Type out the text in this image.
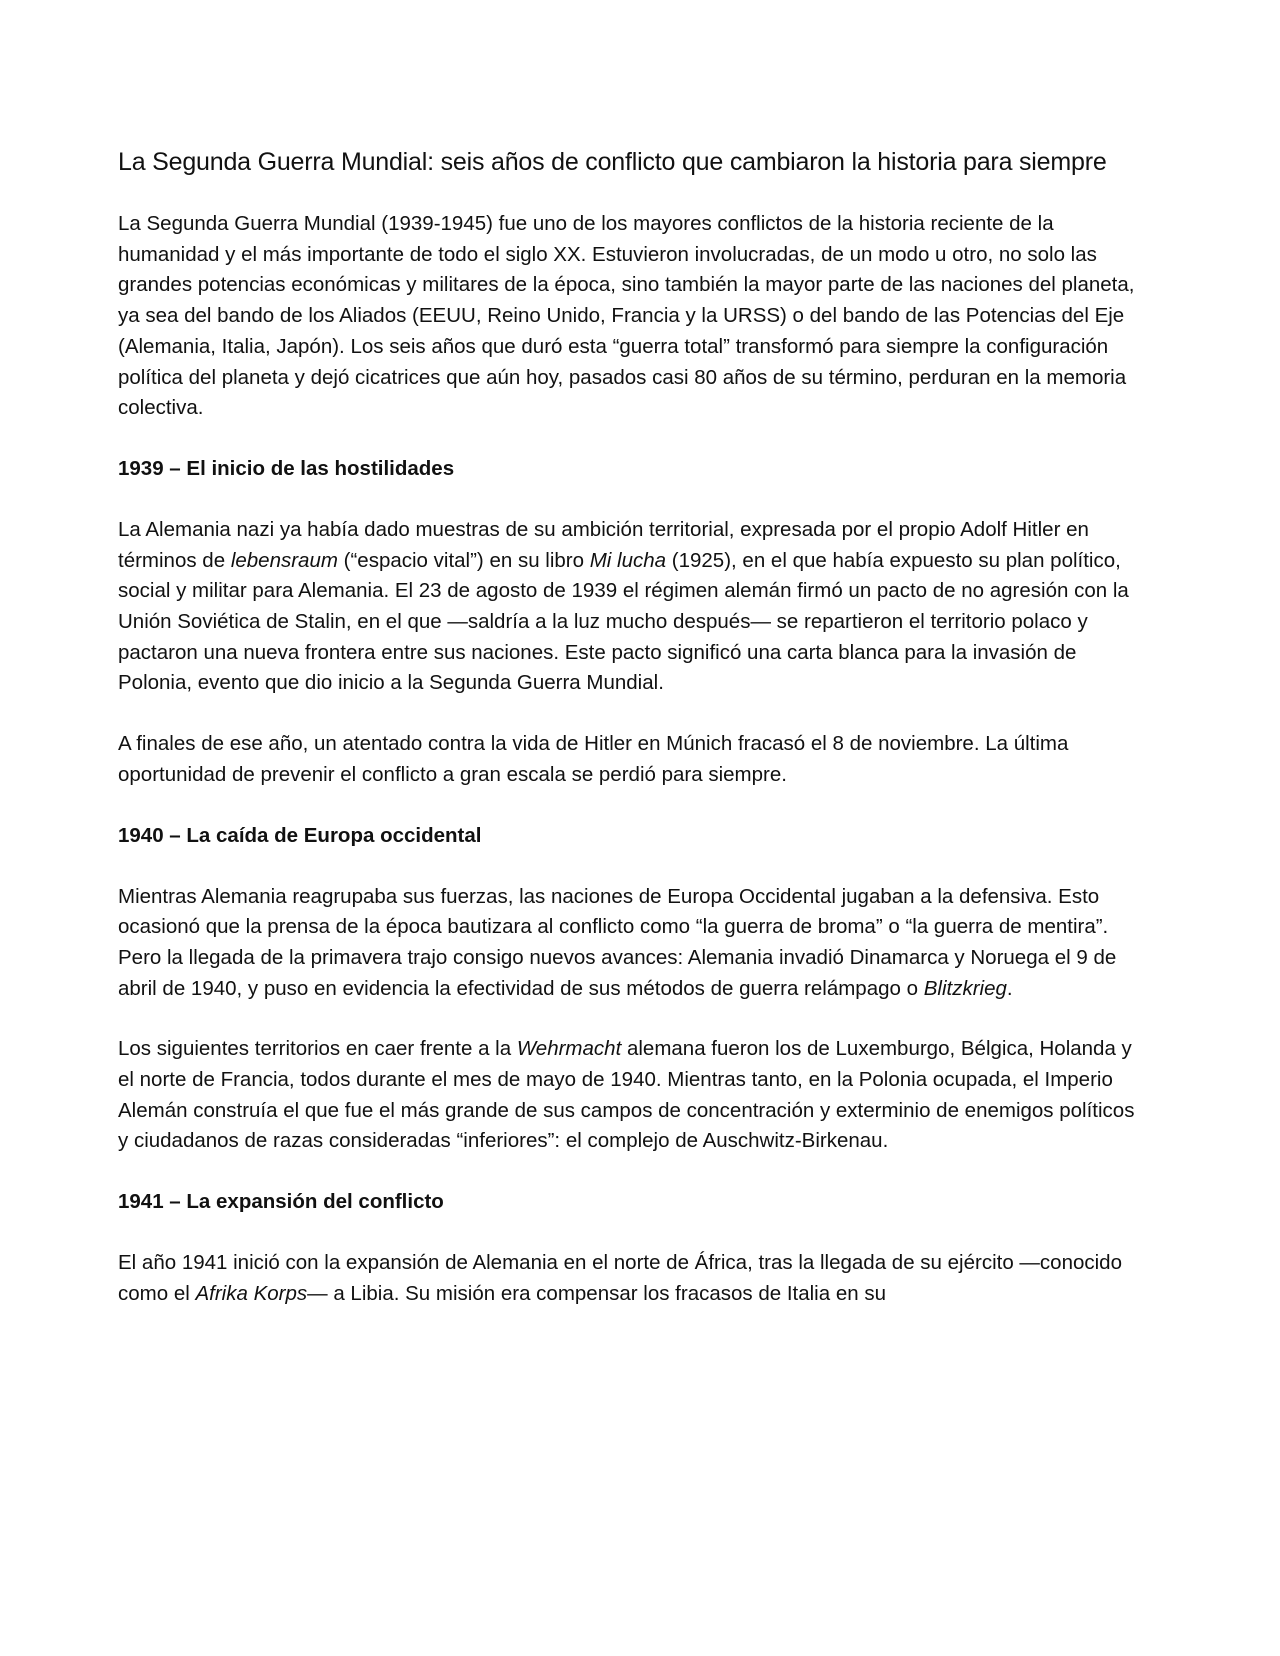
La Segunda Guerra Mundial: seis años de conflicto que cambiaron la historia para siempre

La Segunda Guerra Mundial (1939-1945) fue uno de los mayores conflictos de la historia reciente de la humanidad y el más importante de todo el siglo XX. Estuvieron involucradas, de un modo u otro, no solo las grandes potencias económicas y militares de la época, sino también la mayor parte de las naciones del planeta, ya sea del bando de los Aliados (EEUU, Reino Unido, Francia y la URSS) o del bando de las Potencias del Eje (Alemania, Italia, Japón). Los seis años que duró esta “guerra total” transformó para siempre la configuración política del planeta y dejó cicatrices que aún hoy, pasados casi 80 años de su término, perduran en la memoria colectiva.

1939 – El inicio de las hostilidades

La Alemania nazi ya había dado muestras de su ambición territorial, expresada por el propio Adolf Hitler en términos de lebensraum (“espacio vital”) en su libro Mi lucha (1925), en el que había expuesto su plan político, social y militar para Alemania. El 23 de agosto de 1939 el régimen alemán firmó un pacto de no agresión con la Unión Soviética de Stalin, en el que —saldría a la luz mucho después— se repartieron el territorio polaco y pactaron una nueva frontera entre sus naciones. Este pacto significó una carta blanca para la invasión de Polonia, evento que dio inicio a la Segunda Guerra Mundial.

A finales de ese año, un atentado contra la vida de Hitler en Múnich fracasó el 8 de noviembre. La última oportunidad de prevenir el conflicto a gran escala se perdió para siempre.

1940 – La caída de Europa occidental

Mientras Alemania reagrupaba sus fuerzas, las naciones de Europa Occidental jugaban a la defensiva. Esto ocasionó que la prensa de la época bautizara al conflicto como “la guerra de broma” o “la guerra de mentira”. Pero la llegada de la primavera trajo consigo nuevos avances: Alemania invadió Dinamarca y Noruega el 9 de abril de 1940, y puso en evidencia la efectividad de sus métodos de guerra relámpago o Blitzkrieg.

Los siguientes territorios en caer frente a la Wehrmacht alemana fueron los de Luxemburgo, Bélgica, Holanda y el norte de Francia, todos durante el mes de mayo de 1940. Mientras tanto, en la Polonia ocupada, el Imperio Alemán construía el que fue el más grande de sus campos de concentración y exterminio de enemigos políticos y ciudadanos de razas consideradas “inferiores”: el complejo de Auschwitz-Birkenau.

1941 – La expansión del conflicto

El año 1941 inició con la expansión de Alemania en el norte de África, tras la llegada de su ejército —conocido como el Afrika Korps— a Libia. Su misión era compensar los fracasos de Italia en su
